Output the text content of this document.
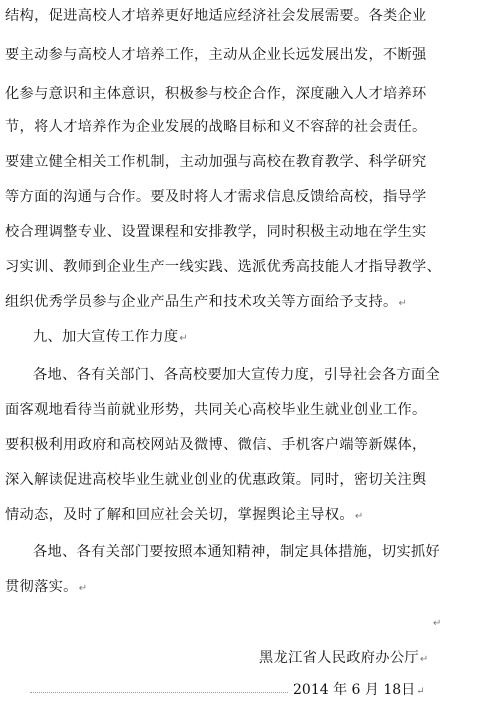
结构，促进高校人才培养更好地适应经济社会发展需要。各类企业
要主动参与高校人才培养工作，主动从企业长远发展出发，不断强
化参与意识和主体意识，积极参与校企合作，深度融入人才培养环
节，将人才培养作为企业发展的战略目标和义不容辞的社会责任。
要建立健全相关工作机制，主动加强与高校在教育教学、科学研究
等方面的沟通与合作。要及时将人才需求信息反馈给高校，指导学
校合理调整专业、设置课程和安排教学，同时积极主动地在学生实
习实训、教师到企业生产一线实践、选派优秀高技能人才指导教学、
组织优秀学员参与企业产品生产和技术攻关等方面给予支持。↵
九、加大宣传工作力度↵
各地、各有关部门、各高校要加大宣传力度，引导社会各方面全
面客观地看待当前就业形势，共同关心高校毕业生就业创业工作。
要积极利用政府和高校网站及微博、微信、手机客户端等新媒体，
深入解读促进高校毕业生就业创业的优惠政策。同时，密切关注舆
情动态，及时了解和回应社会关切，掌握舆论主导权。↵
各地、各有关部门要按照本通知精神，制定具体措施，切实抓好
贯彻落实。↵
↵
黑龙江省人民政府办公厅↵
2014 年 6 月 18日↵
